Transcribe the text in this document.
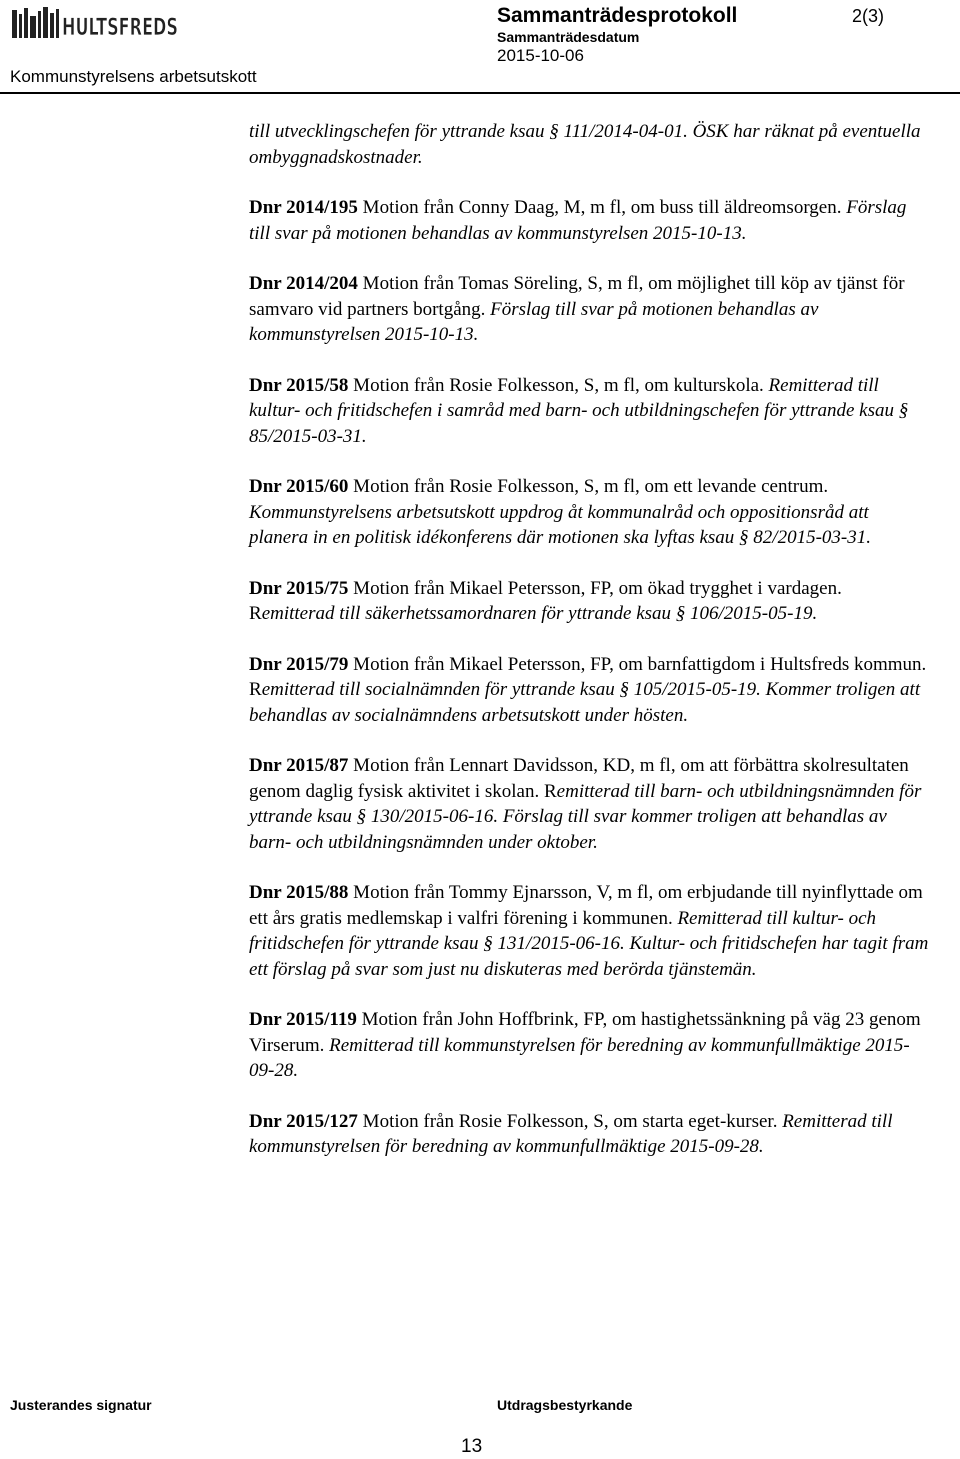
HULTSFREDS	Sammanträdesprotokoll
Sammanträdesdatum
2015-10-06
2(3)
Kommunstyrelsens arbetsutskott

till utvecklingschefen för yttrande ksau § 111/2014-04-01. ÖSK har räknat på eventuella ombyggnadskostnader.

Dnr 2014/195 Motion från Conny Daag, M, m fl, om buss till äldreomsorgen. Förslag till svar på motionen behandlas av kommunstyrelsen 2015-10-13.

Dnr 2014/204 Motion från Tomas Söreling, S, m fl, om möjlighet till köp av tjänst för samvaro vid partners bortgång. Förslag till svar på motionen behandlas av kommunstyrelsen 2015-10-13.

Dnr 2015/58 Motion från Rosie Folkesson, S, m fl, om kulturskola. Remitterad till kultur- och fritidschefen i samråd med barn- och utbildningschefen för yttrande ksau § 85/2015-03-31.

Dnr 2015/60 Motion från Rosie Folkesson, S, m fl, om ett levande centrum. Kommunstyrelsens arbetsutskott uppdrog åt kommunalråd och oppositionsråd att planera in en politisk idékonferens där motionen ska lyftas ksau § 82/2015-03-31.

Dnr 2015/75 Motion från Mikael Petersson, FP, om ökad trygghet i vardagen. Remitterad till säkerhetssamordnaren för yttrande ksau § 106/2015-05-19.

Dnr 2015/79 Motion från Mikael Petersson, FP, om barnfattigdom i Hultsfreds kommun. Remitterad till socialnämnden för yttrande ksau § 105/2015-05-19. Kommer troligen att behandlas av socialnämndens arbetsutskott under hösten.

Dnr 2015/87 Motion från Lennart Davidsson, KD, m fl, om att förbättra skolresultaten genom daglig fysisk aktivitet i skolan. Remitterad till barn- och utbildningsnämnden för yttrande ksau § 130/2015-06-16. Förslag till svar kommer troligen att behandlas av barn- och utbildningsnämnden under oktober.

Dnr 2015/88 Motion från Tommy Ejnarsson, V, m fl, om erbjudande till nyinflyttade om ett års gratis medlemskap i valfri förening i kommunen. Remitterad till kultur- och fritidschefen för yttrande ksau § 131/2015-06-16. Kultur- och fritidschefen har tagit fram ett förslag på svar som just nu diskuteras med berörda tjänstemän.

Dnr 2015/119 Motion från John Hoffbrink, FP, om hastighetssänkning på väg 23 genom Virserum. Remitterad till kommunstyrelsen för beredning av kommunfullmäktige 2015-09-28.

Dnr 2015/127 Motion från Rosie Folkesson, S, om starta eget-kurser. Remitterad till kommunstyrelsen för beredning av kommunfullmäktige 2015-09-28.

Justerandes signatur	Utdragsbestyrkande
13
